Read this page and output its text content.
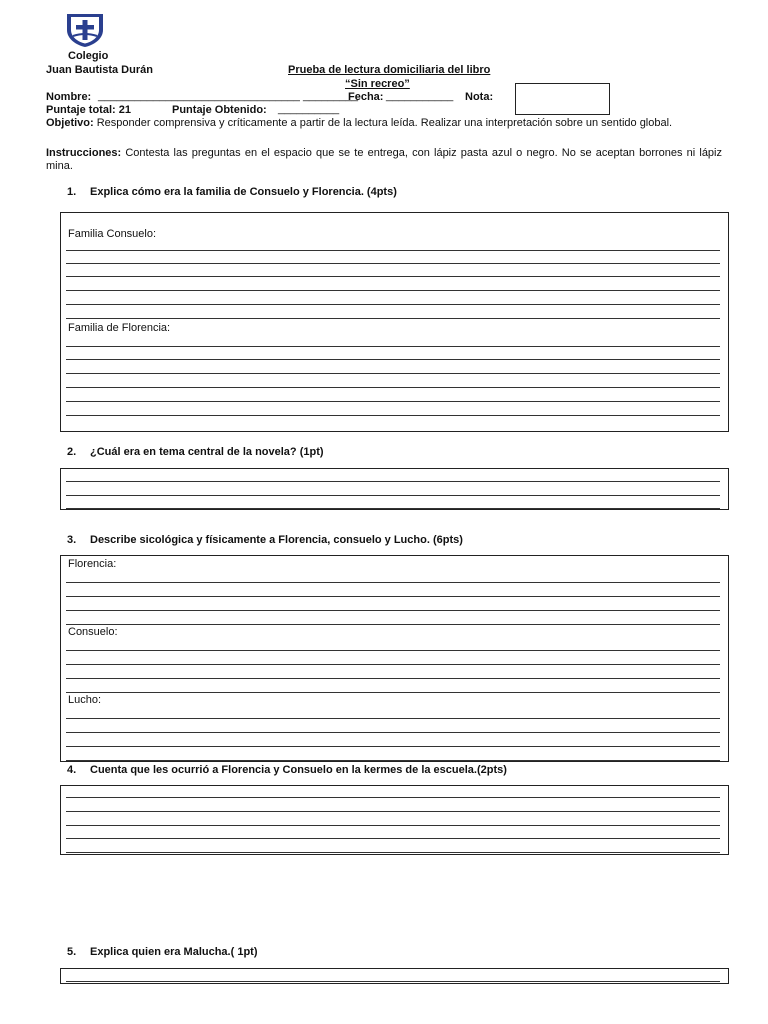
Colegio
Juan Bautista Durán	Prueba de lectura domiciliaria del libro
“Sin recreo”
Nombre: _________________________________ _________
Fecha: ___________ Nota:
Puntaje total: 21	Puntaje Obtenido: __________
Objetivo: Responder comprensiva y críticamente a partir de la lectura leída. Realizar una interpretación sobre un sentido global.
Instrucciones: Contesta las preguntas en el espacio que se te entrega, con lápiz pasta azul o negro. No se aceptan borrones ni lápiz mina.
1. Explica cómo era la familia de Consuelo y Florencia. (4pts)
Familia Consuelo:
Familia de Florencia:
2. ¿Cuál era en tema central de la novela? (1pt)
3. Describe sicológica y físicamente a Florencia, consuelo y Lucho. (6pts)
Florencia:
Consuelo:
Lucho:
4. Cuenta que les ocurrió a Florencia y Consuelo en la kermes de la escuela.(2pts)
5. Explica quien era Malucha.( 1pt)
